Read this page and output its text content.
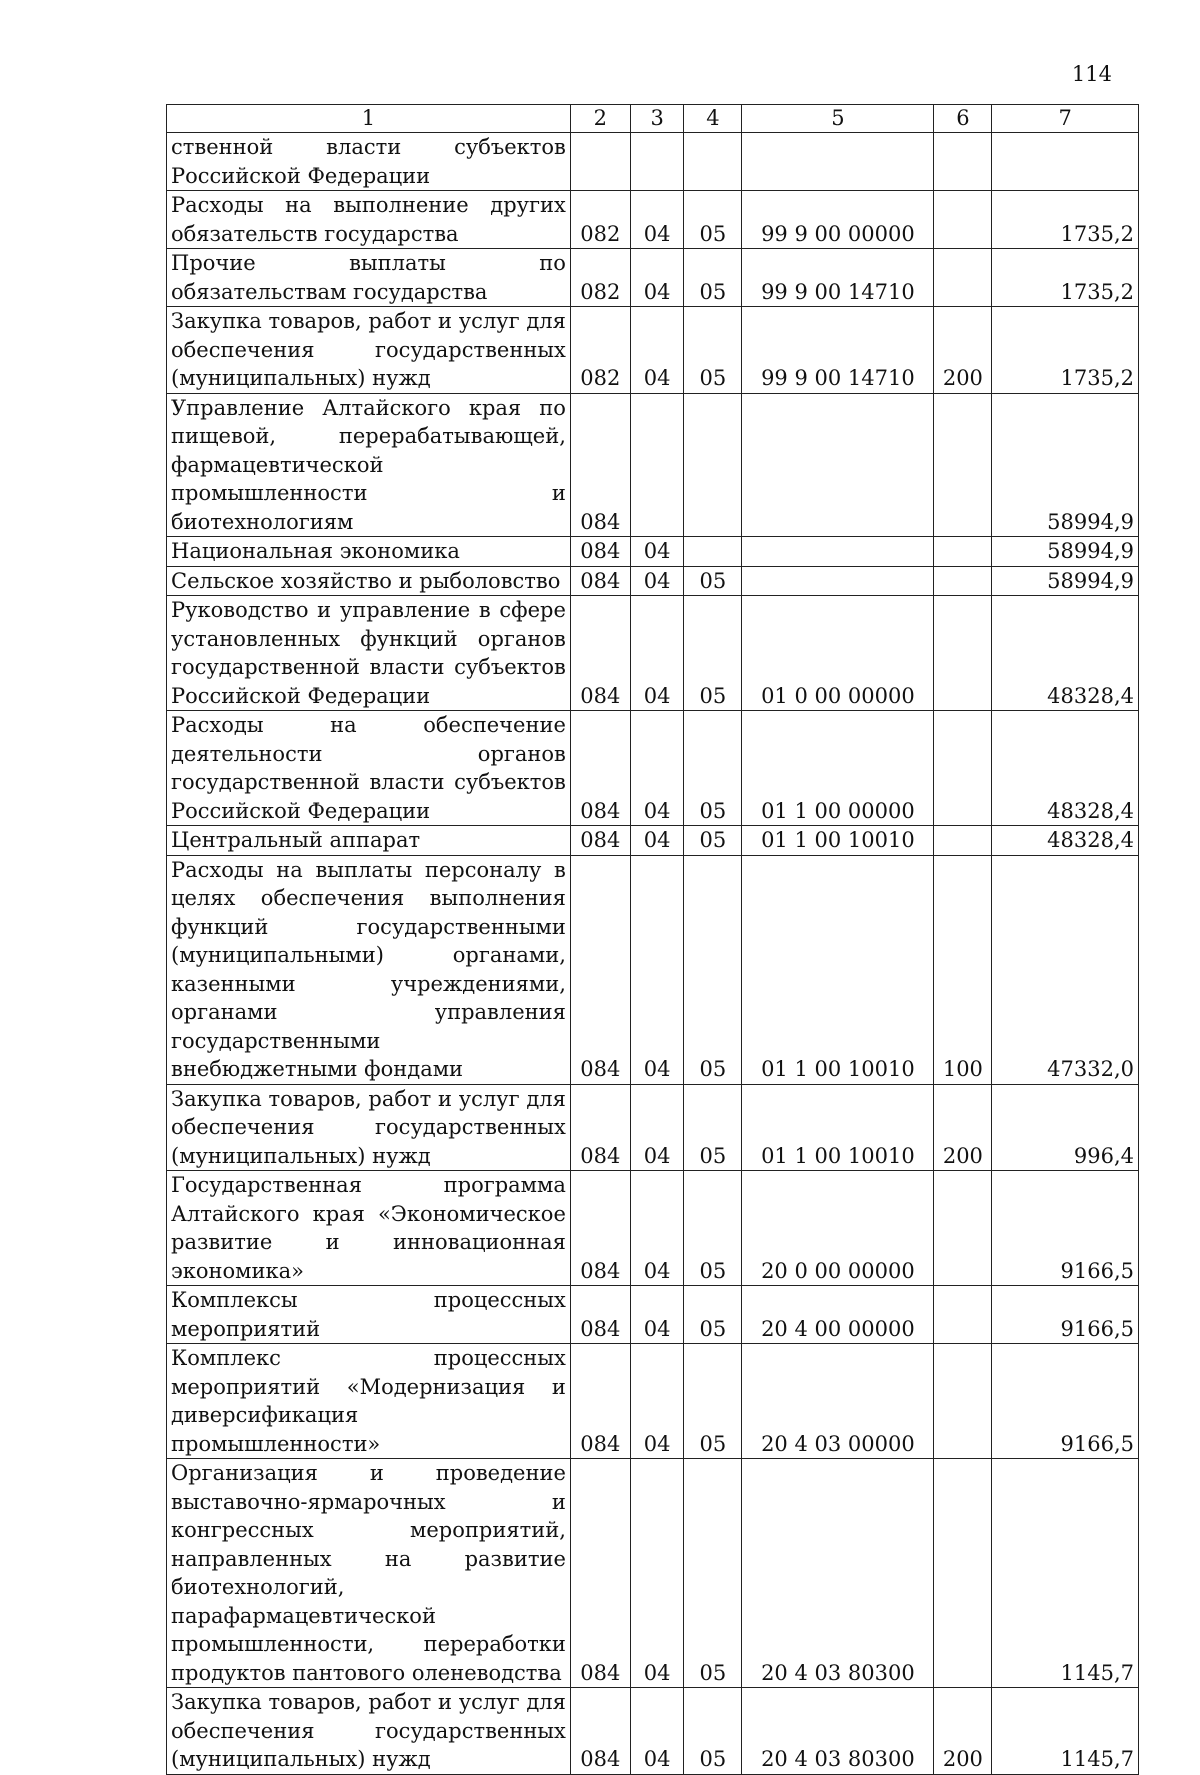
114
1	2	3	4	5	6	7
ственной власти субъектов Российской Федерации						
Расходы на выполнение других обязательств государства	082	04	05	99 9 00 00000		1735,2
Прочие выплаты по обязательствам государства	082	04	05	99 9 00 14710		1735,2
Закупка товаров, работ и услуг для обеспечения государственных (муниципальных) нужд	082	04	05	99 9 00 14710	200	1735,2
Управление Алтайского края по пищевой, перерабатывающей, фармацевтической промышленности и биотехнологиям	084					58994,9
Национальная экономика	084	04				58994,9
Сельское хозяйство и рыболовство	084	04	05			58994,9
Руководство и управление в сфере установленных функций органов государственной власти субъектов Российской Федерации	084	04	05	01 0 00 00000		48328,4
Расходы на обеспечение деятельности органов государственной власти субъектов Российской Федерации	084	04	05	01 1 00 00000		48328,4
Центральный аппарат	084	04	05	01 1 00 10010		48328,4
Расходы на выплаты персоналу в целях обеспечения выполнения функций государственными (муниципальными) органами, казенными учреждениями, органами управления государственными внебюджетными фондами	084	04	05	01 1 00 10010	100	47332,0
Закупка товаров, работ и услуг для обеспечения государственных (муниципальных) нужд	084	04	05	01 1 00 10010	200	996,4
Государственная программа Алтайского края «Экономическое развитие и инновационная экономика»	084	04	05	20 0 00 00000		9166,5
Комплексы процессных мероприятий	084	04	05	20 4 00 00000		9166,5
Комплекс процессных мероприятий «Модернизация и диверсификация промышленности»	084	04	05	20 4 03 00000		9166,5
Организация и проведение выставочно-ярмарочных и конгрессных мероприятий, направленных на развитие биотехнологий, парафармацевтической промышленности, переработки продуктов пантового оленеводства	084	04	05	20 4 03 80300		1145,7
Закупка товаров, работ и услуг для обеспечения государственных (муниципальных) нужд	084	04	05	20 4 03 80300	200	1145,7
